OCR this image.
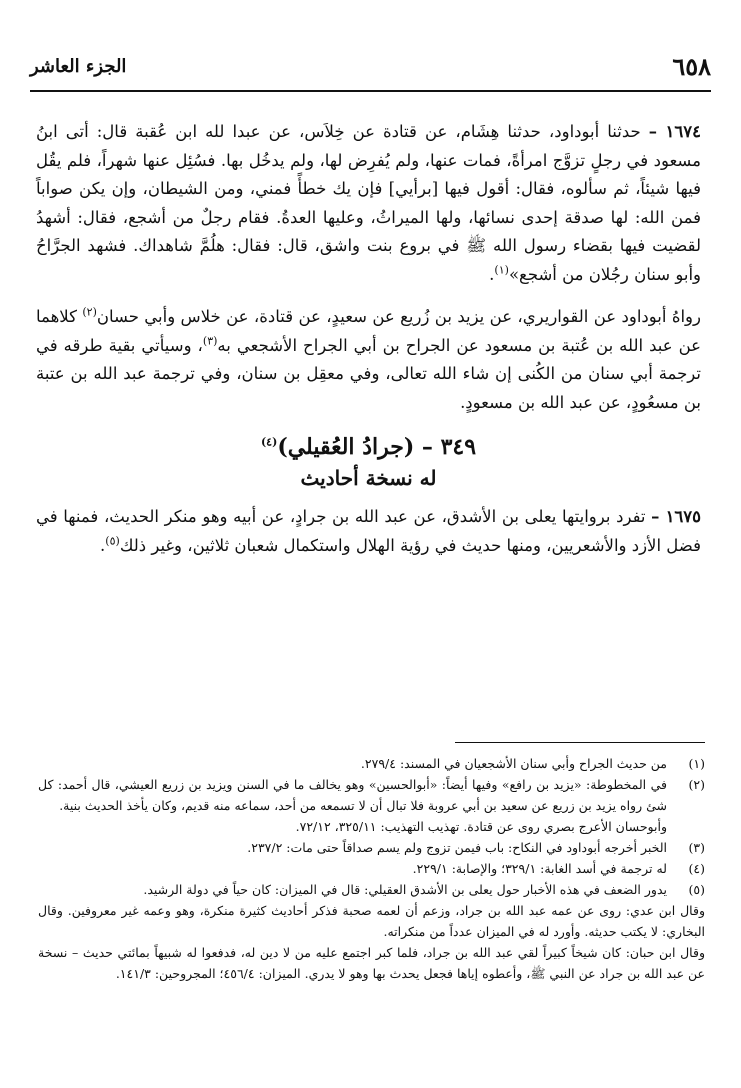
٦٥٨
الجزء العاشر

١٦٧٤ – حدثنا أبوداود، حدثنا هِشَام، عن قتادة عن خِلاَس، عن عبدا لله ابن عُقبة قال: أتى ابنُ مسعود في رجلٍ تزوَّج امرأةً، فمات عنها، ولم يُفرِض لها، ولم يدخُل بها. فسُئِل عنها شهراً، فلم يقُل فيها شيئاً، ثم سألوه، فقال: أقول فيها [برأيي] فإن يك خطأً فمني، ومن الشيطان، وإن يكن صواباً فمن الله: لها صدقة إحدى نسائها، ولها الميراثُ، وعليها العدةُ. فقام رجلٌ من أشجع، فقال: أشهدُ لقضيت فيها بقضاء رسول الله ﷺ في بروع بنت واشق، قال: فقال: هلُمَّ شاهداك. فشهد الجرَّاحُ وأبو سنان رجُلان من أشجع»$^{(١)}$.

رواهُ أبوداود عن القواريري، عن يزيد بن زُريع عن سعيدٍ، عن قتادة، عن خلاس وأبي حسان$^{(٢)}$ كلاهما عن عبد الله بن عُتبة بن مسعود عن الجراح بن أبي الجراح الأشجعي به$^{(٣)}$، وسيأتي بقية طرقه في ترجمة أبي سنان من الكُنى إن شاء الله تعالى، وفي معقِل بن سنان، وفي ترجمة عبد الله بن عتبة بن مسعُودٍ، عن عبد الله بن مسعودٍ.

٣٤٩ – (جرادُ العُقيلي)$^{(٤)}$
له نسخة أحاديث

١٦٧٥ – تفرد بروايتها يعلى بن الأشدق، عن عبد الله بن جرادٍ، عن أبيه وهو منكر الحديث، فمنها في فضل الأزد والأشعريين، ومنها حديث في رؤية الهلال واستكمال شعبان ثلاثين، وغير ذلك$^{(٥)}$.

(١)
من حديث الجراح وأبي سنان الأشجعيان في المسند: ٢٧٩/٤.
(٢)
في المخطوطة: «يزيد بن رافع» وفيها أيضاً: «أبوالحسين» وهو يخالف ما في السنن ويزيد بن زريع العيشي، قال أحمد: كل شئ رواه يزيد بن زريع عن سعيد بن أبي عروبة فلا تبال أن لا تسمعه من أحد، سماعه منه قديم، وكان يأخذ الحديث بنية.
وأبوحسان الأعرج بصري روى عن قتادة. تهذيب التهذيب: ٣٢٥/١١، ٧٢/١٢.
(٣)
الخبر أخرجه أبوداود في النكاح: باب فيمن تزوج ولم يسم صداقاً حتى مات: ٢٣٧/٢.
(٤)
له ترجمة في أسد الغابة: ٣٢٩/١؛ والإصابة: ٢٢٩/١.
(٥)
يدور الضعف في هذه الأخبار حول يعلى بن الأشدق العقيلي: قال في الميزان: كان حياً في دولة الرشيد.
وقال ابن عدي: روى عن عمه عبد الله بن جراد، وزعم أن لعمه صحبة فذكر أحاديث كثيرة منكرة، وهو وعمه غير معروفين. وقال البخاري: لا يكتب حديثه. وأورد له في الميزان عدداً من منكراته.
وقال ابن حبان: كان شيخاً كبيراً لقي عبد الله بن جراد، فلما كبر اجتمع عليه من لا دين له، فدفعوا له شبيهاً بمائتي حديث – نسخة عن عبد الله بن جراد عن النبي ﷺ، وأعطوه إياها فجعل يحدث بها وهو لا يدري. الميزان: ٤٥٦/٤؛ المجروحين: ١٤١/٣.
